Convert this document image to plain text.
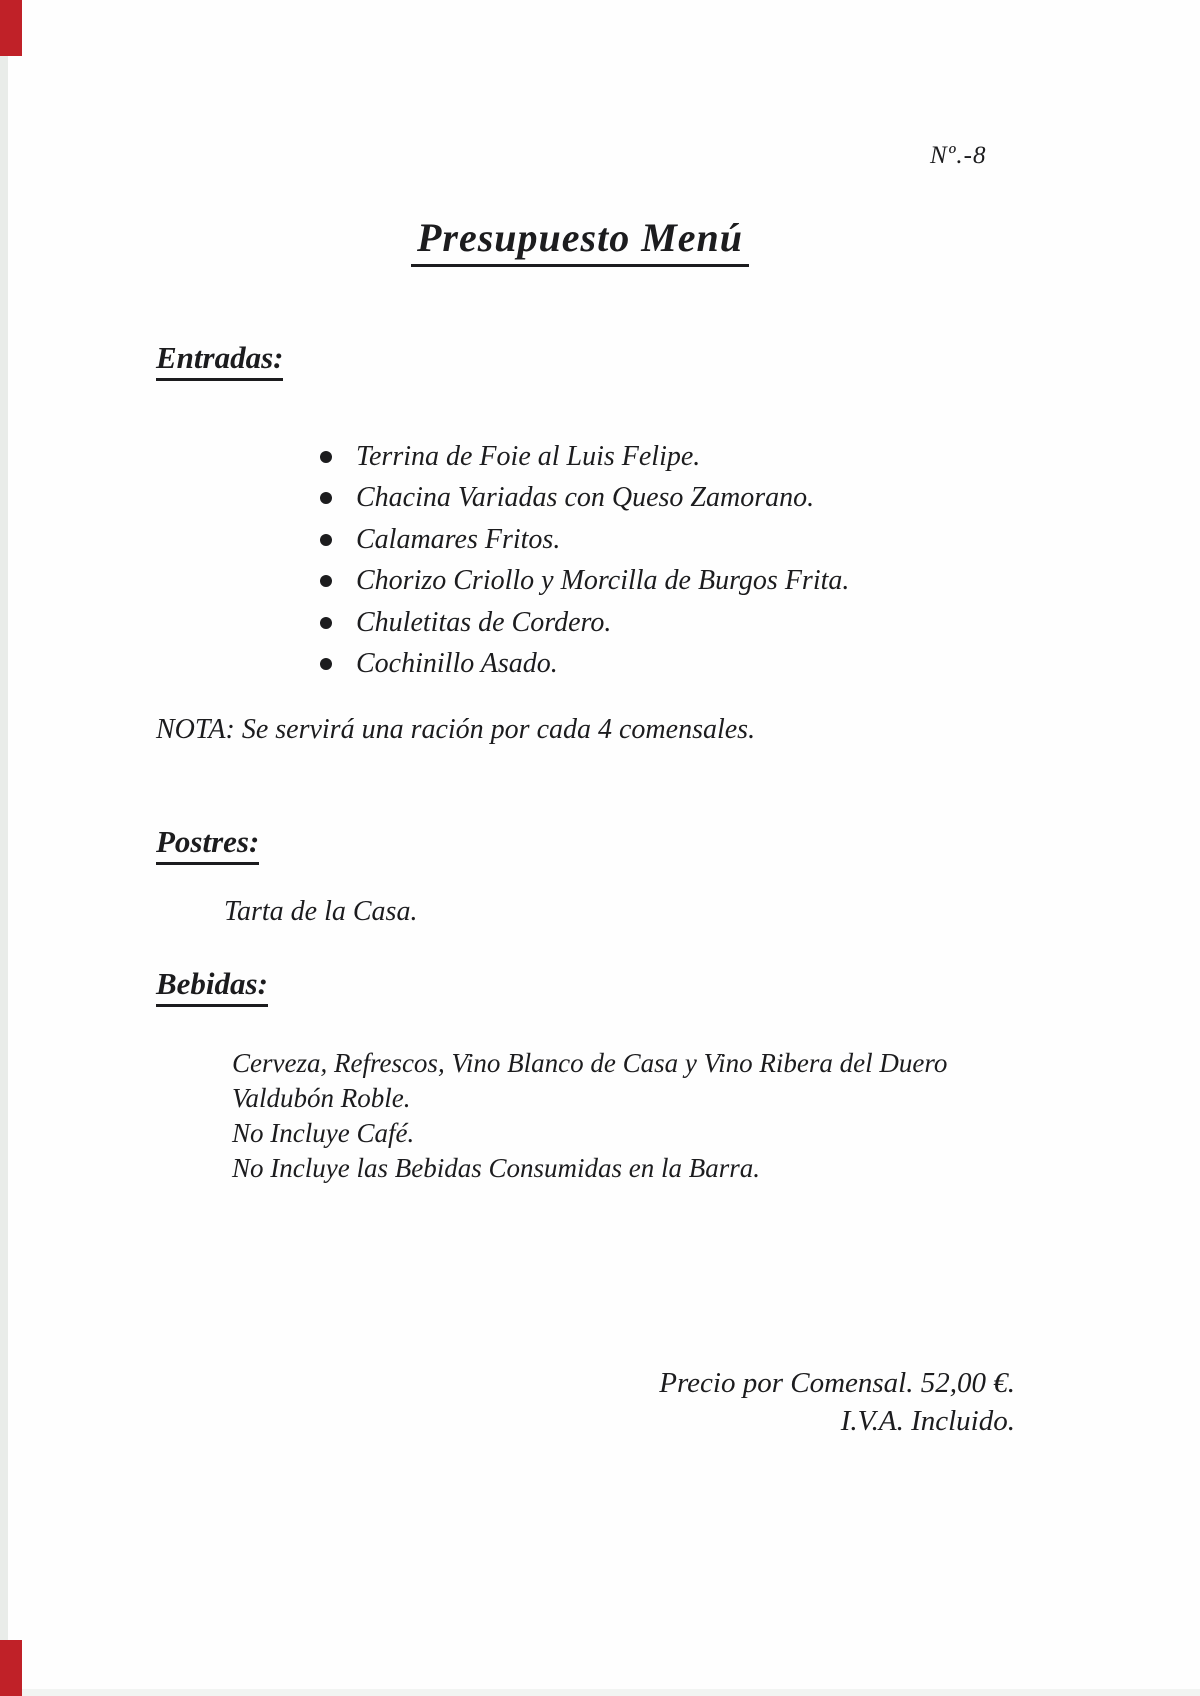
Nº.-8
Presupuesto Menú
Entradas:
Terrina de Foie al Luis Felipe.
Chacina Variadas con Queso Zamorano.
Calamares Fritos.
Chorizo Criollo y Morcilla de Burgos Frita.
Chuletitas de Cordero.
Cochinillo Asado.
NOTA: Se servirá una ración por cada 4 comensales.
Postres:
Tarta de la Casa.
Bebidas:
Cerveza, Refrescos, Vino Blanco de Casa y Vino Ribera del Duero
Valdubón Roble.
No Incluye Café.
No Incluye las Bebidas Consumidas en la Barra.
Precio por Comensal. 52,00 €.
I.V.A. Incluido.
